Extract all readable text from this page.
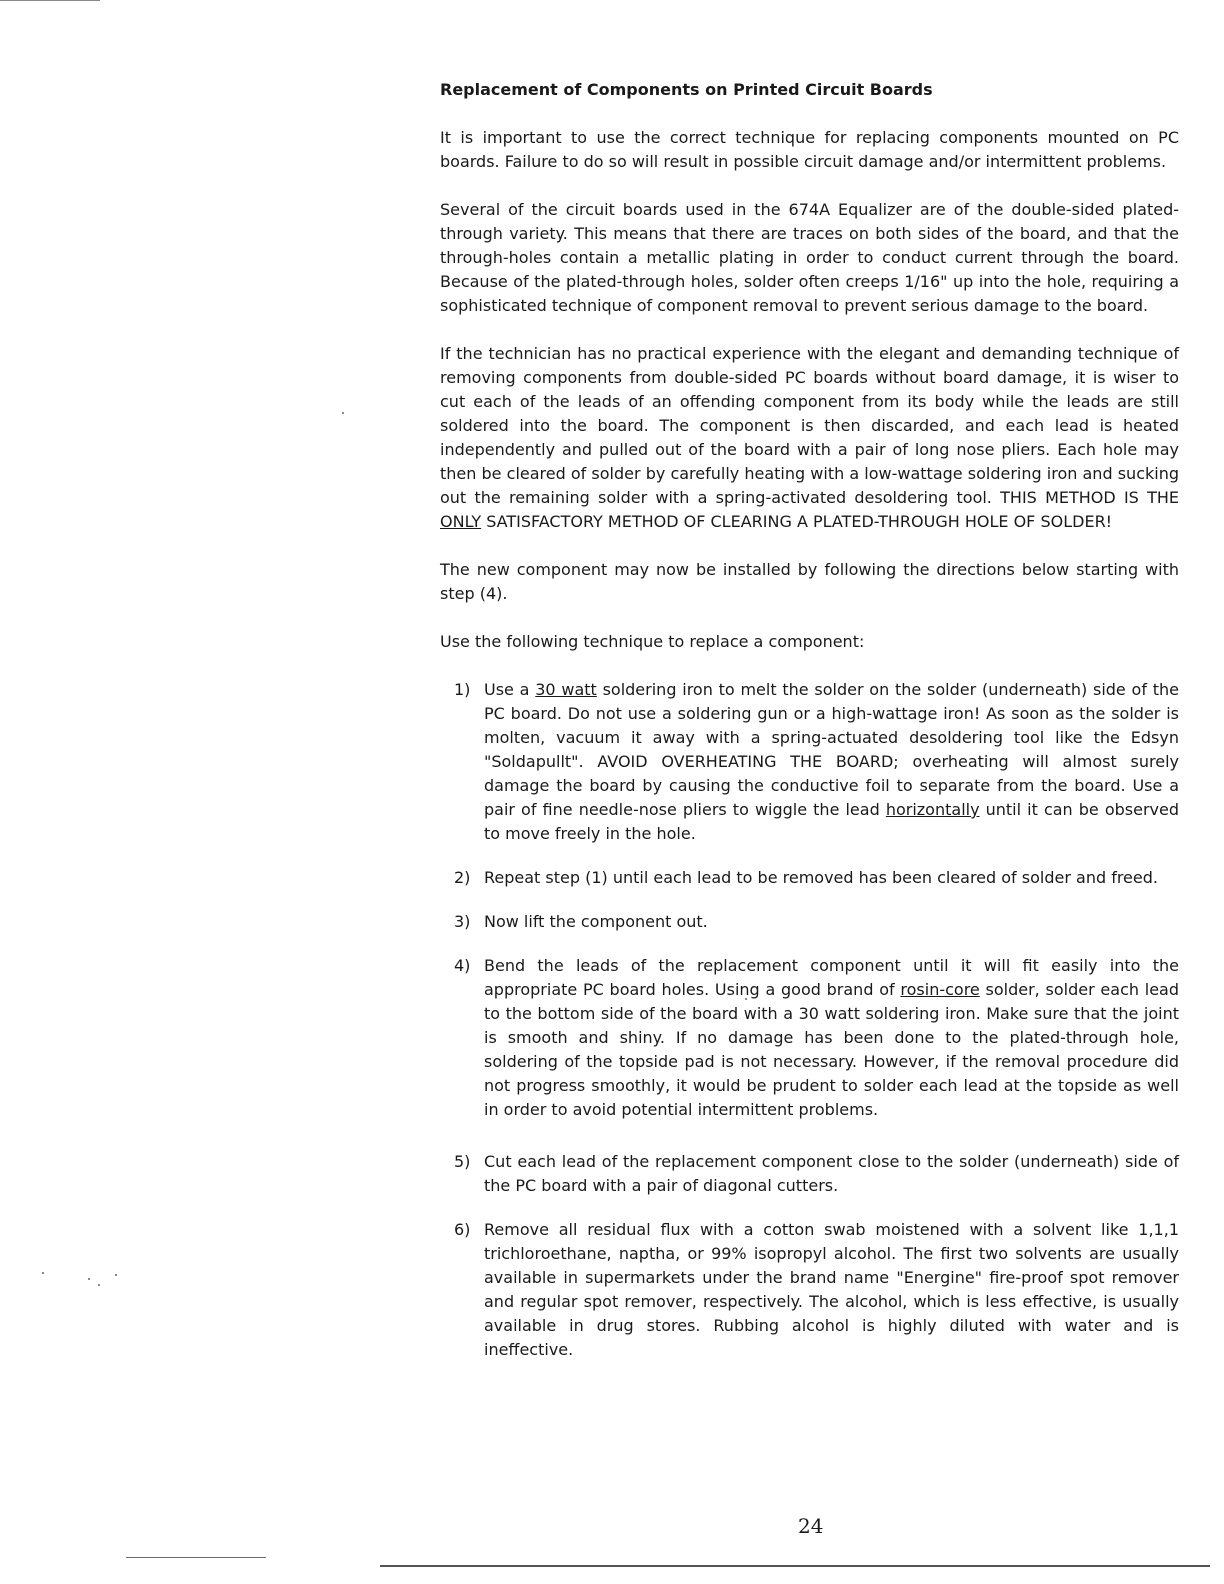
Replacement of Components on Printed Circuit Boards

It is important to use the correct technique for replacing components mounted on PC boards. Failure to do so will result in possible circuit damage and/or intermittent problems.

Several of the circuit boards used in the 674A Equalizer are of the double-sided plated-through variety. This means that there are traces on both sides of the board, and that the through-holes contain a metallic plating in order to conduct current through the board. Because of the plated-through holes, solder often creeps 1/16" up into the hole, requiring a sophisticated technique of component removal to prevent serious damage to the board.

If the technician has no practical experience with the elegant and demanding technique of removing components from double-sided PC boards without board damage, it is wiser to cut each of the leads of an offending component from its body while the leads are still soldered into the board. The component is then discarded, and each lead is heated independently and pulled out of the board with a pair of long nose pliers. Each hole may then be cleared of solder by carefully heating with a low-wattage soldering iron and sucking out the remaining solder with a spring-activated desoldering tool. THIS METHOD IS THE ONLY SATISFACTORY METHOD OF CLEARING A PLATED-THROUGH HOLE OF SOLDER!

The new component may now be installed by following the directions below starting with step (4).

Use the following technique to replace a component:

1) Use a 30 watt soldering iron to melt the solder on the solder (underneath) side of the PC board. Do not use a soldering gun or a high-wattage iron! As soon as the solder is molten, vacuum it away with a spring-actuated desoldering tool like the Edsyn "Soldapullt". AVOID OVERHEATING THE BOARD; overheating will almost surely damage the board by causing the conductive foil to separate from the board. Use a pair of fine needle-nose pliers to wiggle the lead horizontally until it can be observed to move freely in the hole.
2) Repeat step (1) until each lead to be removed has been cleared of solder and freed.
3) Now lift the component out.
4) Bend the leads of the replacement component until it will fit easily into the appropriate PC board holes. Using a good brand of rosin-core solder, solder each lead to the bottom side of the board with a 30 watt soldering iron. Make sure that the joint is smooth and shiny. If no damage has been done to the plated-through hole, soldering of the topside pad is not necessary. However, if the removal procedure did not progress smoothly, it would be prudent to solder each lead at the topside as well in order to avoid potential intermittent problems.
5) Cut each lead of the replacement component close to the solder (underneath) side of the PC board with a pair of diagonal cutters.
6) Remove all residual flux with a cotton swab moistened with a solvent like 1,1,1 trichloroethane, naptha, or 99% isopropyl alcohol. The first two solvents are usually available in supermarkets under the brand name "Energine" fire-proof spot remover and regular spot remover, respectively. The alcohol, which is less effective, is usually available in drug stores. Rubbing alcohol is highly diluted with water and is ineffective.
24
